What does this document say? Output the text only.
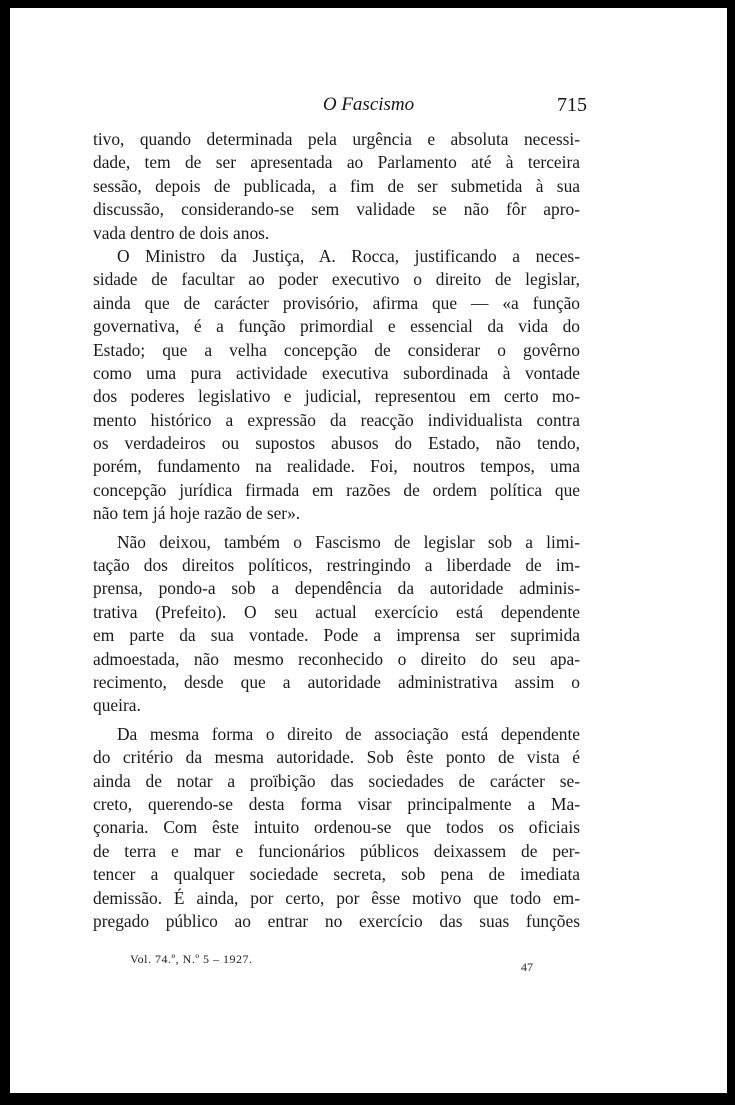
O Fascismo	715
tivo, quando determinada pela urgência e absoluta necessi-
dade, tem de ser apresentada ao Parlamento até à terceira
sessão, depois de publicada, a fim de ser submetida à sua
discussão, considerando-se sem validade se não fôr apro-
vada dentro de dois anos.
O Ministro da Justiça, A. Rocca, justificando a neces-
sidade de facultar ao poder executivo o direito de legislar,
ainda que de carácter provisório, afirma que — «a função
governativa, é a função primordial e essencial da vida do
Estado; que a velha concepção de considerar o govêrno
como uma pura actividade executiva subordinada à vontade
dos poderes legislativo e judicial, representou em certo mo-
mento histórico a expressão da reacção individualista contra
os verdadeiros ou supostos abusos do Estado, não tendo,
porém, fundamento na realidade. Foi, noutros tempos, uma
concepção jurídica firmada em razões de ordem política que
não tem já hoje razão de ser».
Não deixou, também o Fascismo de legislar sob a limi-
tação dos direitos políticos, restringindo a liberdade de im-
prensa, pondo-a sob a dependência da autoridade adminis-
trativa (Prefeito). O seu actual exercício está dependente
em parte da sua vontade. Pode a imprensa ser suprimida
admoestada, não mesmo reconhecido o direito do seu apa-
recimento, desde que a autoridade administrativa assim o
queira.
Da mesma forma o direito de associação está dependente
do critério da mesma autoridade. Sob êste ponto de vista é
ainda de notar a proïbição das sociedades de carácter se-
creto, querendo-se desta forma visar principalmente a Ma-
çonaria. Com êste intuito ordenou-se que todos os oficiais
de terra e mar e funcionários públicos deixassem de per-
tencer a qualquer sociedade secreta, sob pena de imediata
demissão. É ainda, por certo, por êsse motivo que todo em-
pregado público ao entrar no exercício das suas funções
Vol. 74.º, N.º 5 – 1927.
47
